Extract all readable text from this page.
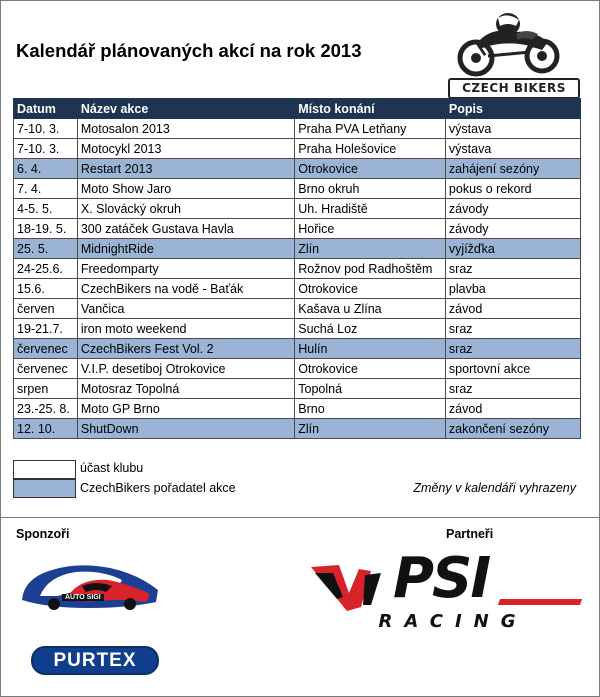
Kalendář plánovaných akcí na rok 2013
CZECH BIKERS
Datum	Název akce	Místo konání	Popis
7-10. 3.	Motosalon 2013	Praha PVA Letňany	výstava
7-10. 3.	Motocykl 2013	Praha Holešovice	výstava
6. 4.	Restart 2013	Otrokovice	zahájení sezóny
7. 4.	Moto Show Jaro	Brno okruh	pokus o rekord
4-5. 5.	X. Slovácký okruh	Uh. Hradiště	závody
18-19. 5.	300 zatáček Gustava Havla	Hořice	závody
25. 5.	MidnightRide	Zlín	vyjížďka
24-25.6.	Freedomparty	Rožnov pod Radhoštěm	sraz
15.6.	CzechBikers na vodě - Baťák	Otrokovice	plavba
červen	Vančica	Kašava u Zlína	závod
19-21.7.	iron moto weekend	Suchá Loz	sraz
červenec	CzechBikers Fest Vol. 2	Hulín	sraz
červenec	V.I.P. desetiboj Otrokovice	Otrokovice	sportovní akce
srpen	Motosraz Topolná	Topolná	sraz
23.-25. 8.	Moto GP Brno	Brno	závod
12. 10.	ShutDown	Zlín	zakončení sezóny
účast klubu
CzechBikers pořadatel akce	Změny v kalendáři vyhrazeny
Sponzoři	Partneři
AUTO SIGI
PURTEX
PSI
RACING
